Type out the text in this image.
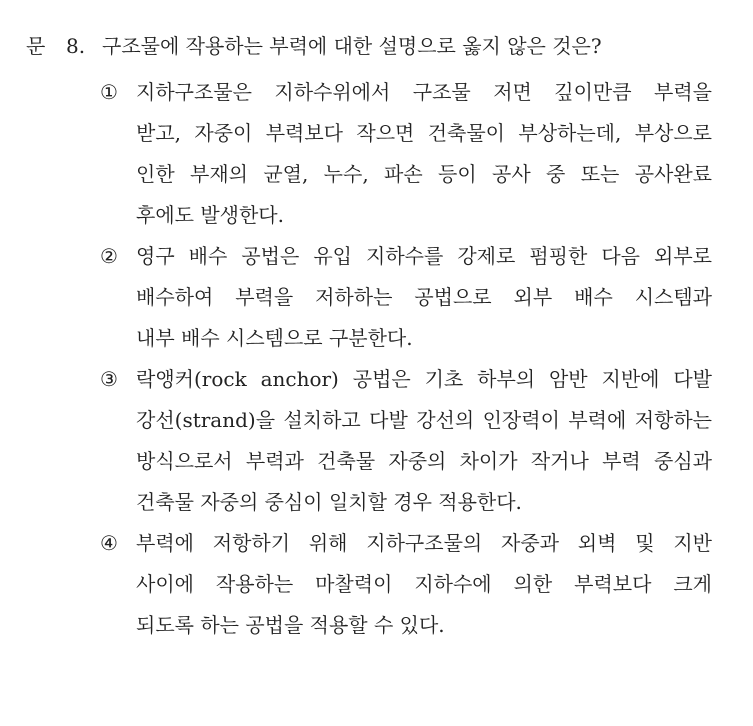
문 8. 구조물에 작용하는 부력에 대한 설명으로 옳지 않은 것은?
① 지하구조물은 지하수위에서 구조물 저면 깊이만큼 부력을
받고, 자중이 부력보다 작으면 건축물이 부상하는데, 부상으로
인한 부재의 균열, 누수, 파손 등이 공사 중 또는 공사완료
후에도 발생한다.
② 영구 배수 공법은 유입 지하수를 강제로 펌핑한 다음 외부로
배수하여 부력을 저하하는 공법으로 외부 배수 시스템과
내부 배수 시스템으로 구분한다.
③ 락앵커(rock anchor) 공법은 기초 하부의 암반 지반에 다발
강선(strand)을 설치하고 다발 강선의 인장력이 부력에 저항하는
방식으로서 부력과 건축물 자중의 차이가 작거나 부력 중심과
건축물 자중의 중심이 일치할 경우 적용한다.
④ 부력에 저항하기 위해 지하구조물의 자중과 외벽 및 지반
사이에 작용하는 마찰력이 지하수에 의한 부력보다 크게
되도록 하는 공법을 적용할 수 있다.
